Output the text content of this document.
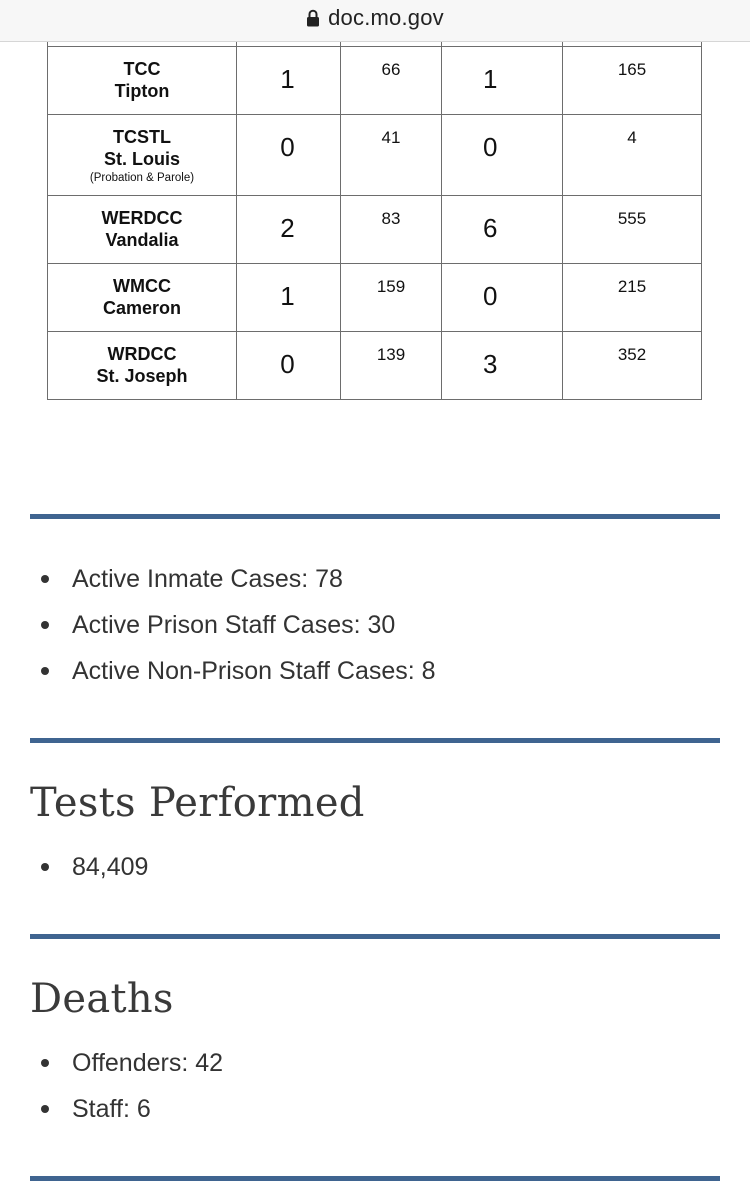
doc.mo.gov

TCC
Tipton	1	66	1	165

TCSTL
St. Louis
(Probation & Parole)	0	41	0	4

WERDCC
Vandalia	2	83	6	555

WMCC
Cameron	1	159	0	215

WRDCC
St. Joseph	0	139	3	352
Active Inmate Cases: 78
Active Prison Staff Cases: 30
Active Non-Prison Staff Cases: 8
Tests Performed
84,409
Deaths
Offenders: 42
Staff: 6
